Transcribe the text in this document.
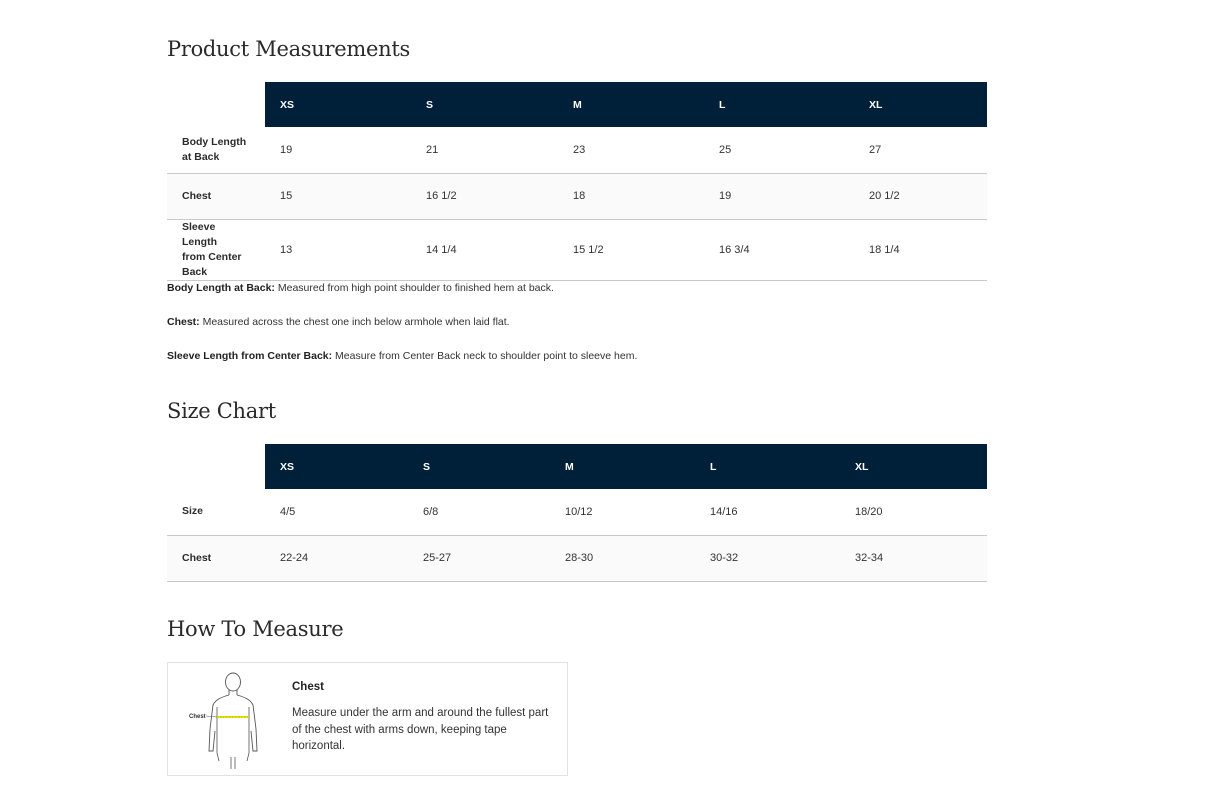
Product Measurements
	XS	S	M	L	XL
Body Length at Back	19	21	23	25	27
Chest	15	16 1/2	18	19	20 1/2
Sleeve Length from Center Back	13	14 1/4	15 1/2	16 3/4	18 1/4
Body Length at Back: Measured from high point shoulder to finished hem at back.
Chest: Measured across the chest one inch below armhole when laid flat.
Sleeve Length from Center Back: Measure from Center Back neck to shoulder point to sleeve hem.
Size Chart
	XS	S	M	L	XL
Size	4/5	6/8	10/12	14/16	18/20
Chest	22-24	25-27	28-30	30-32	32-34
How To Measure
Chest
Chest
Measure under the arm and around the fullest part of the chest with arms down, keeping tape horizontal.
